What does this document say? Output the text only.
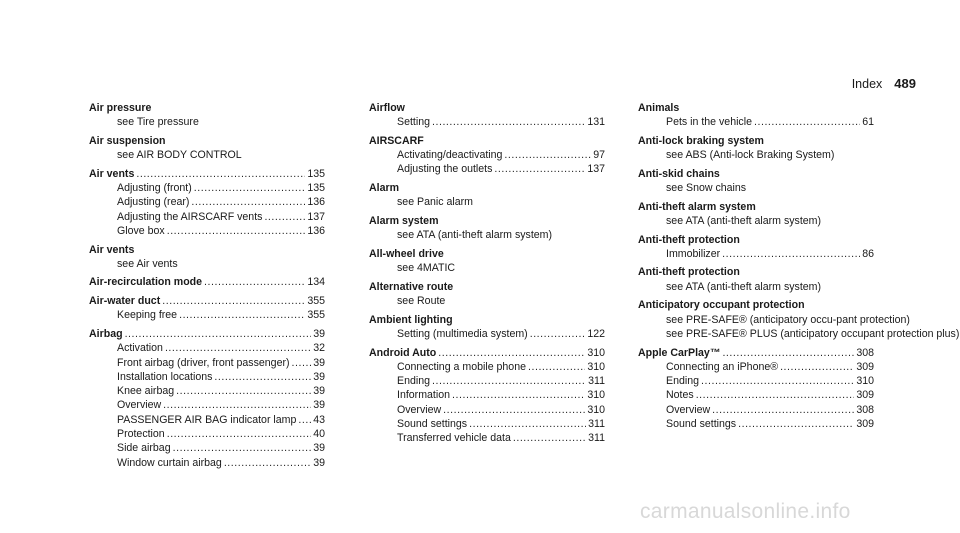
Index 489
Air pressure
see Tire pressure
Air suspension
see AIR BODY CONTROL
Air vents . . .	135
Adjusting (front) . . .	135
Adjusting (rear) . . .	136
Adjusting the AIRSCARF vents . . .	137
Glove box . . .	136
Air vents
see Air vents
Air-recirculation mode . . .	134
Air-water duct . . .	355
Keeping free . . .	355
Airbag . . .	39
Activation . . .	32
Front airbag (driver, front passenger) . . . 39
Installation locations . . .	39
Knee airbag . . .	39
Overview . . .	39
PASSENGER AIR BAG indicator lamp . . . 43
Protection . . .	40
Side airbag . . .	39
Window curtain airbag . . .	39
Airflow
Setting . . .	131
AIRSCARF
Activating/deactivating . . .	97
Adjusting the outlets . . .	137
Alarm
see Panic alarm
Alarm system
see ATA (anti-theft alarm system)
All-wheel drive
see 4MATIC
Alternative route
see Route
Ambient lighting
Setting (multimedia system) . . .	122
Android Auto . . .	310
Connecting a mobile phone . . .	310
Ending . . .	311
Information . . .	310
Overview . . .	310
Sound settings . . .	311
Transferred vehicle data . . .	311
Animals
Pets in the vehicle . . .	61
Anti-lock braking system
see ABS (Anti-lock Braking System)
Anti-skid chains
see Snow chains
Anti-theft alarm system
see ATA (anti-theft alarm system)
Anti-theft protection
Immobilizer . . .	86
Anti-theft protection
see ATA (anti-theft alarm system)
Anticipatory occupant protection
see PRE-SAFE® (anticipatory occu-pant protection)
see PRE-SAFE® PLUS (anticipatory occupant protection plus)
Apple CarPlay™ . . .	308
Connecting an iPhone® . . .	309
Ending . . .	310
Notes . . .	309
Overview . . .	308
Sound settings . . .	309
carmanualsonline.info
